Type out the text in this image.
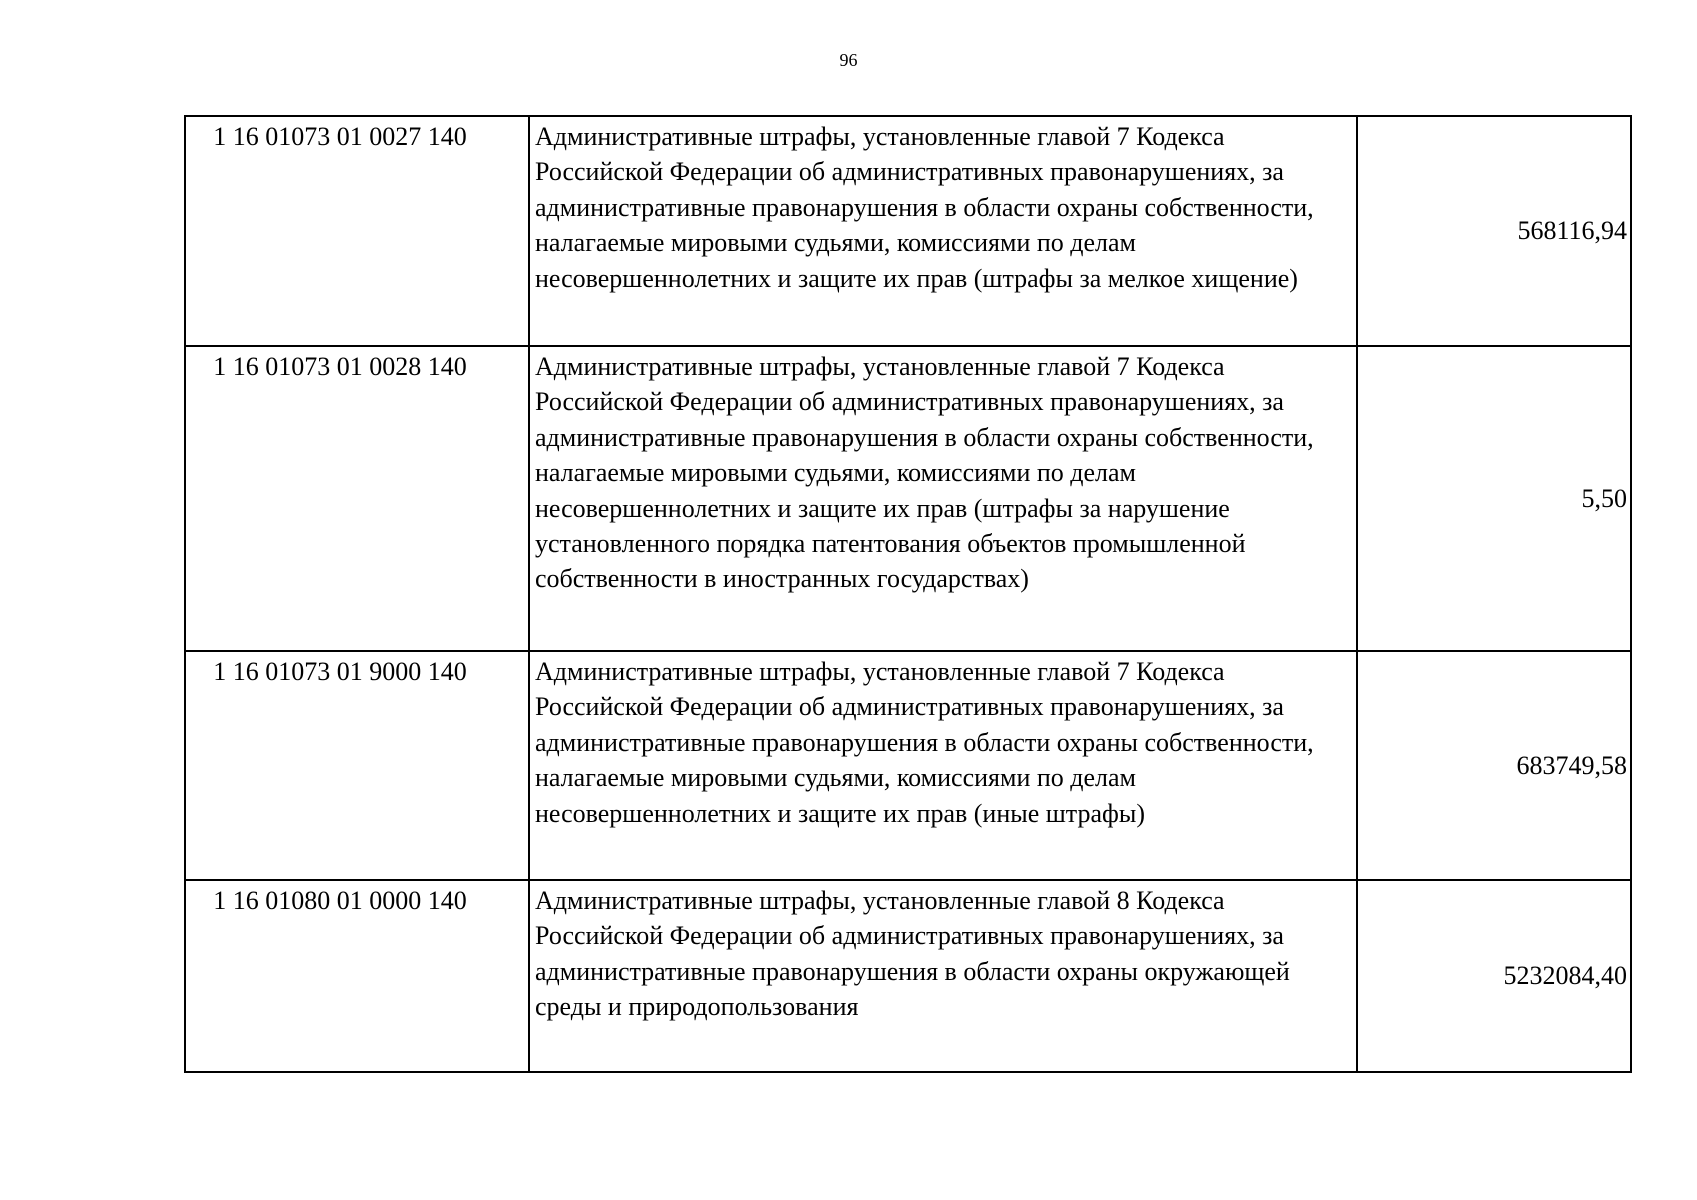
96
1 16 01073 01 0027 140	Административные штрафы, установленные главой 7 Кодекса Российской Федерации об административных правонарушениях, за административные правонарушения в области охраны собственности, налагаемые мировыми судьями, комиссиями по делам несовершеннолетних и защите их прав (штрафы за мелкое хищение)	568116,94
1 16 01073 01 0028 140	Административные штрафы, установленные главой 7 Кодекса Российской Федерации об административных правонарушениях, за административные правонарушения в области охраны собственности, налагаемые мировыми судьями, комиссиями по делам несовершеннолетних и защите их прав (штрафы за нарушение установленного порядка патентования объектов промышленной собственности в иностранных государствах)	5,50
1 16 01073 01 9000 140	Административные штрафы, установленные главой 7 Кодекса Российской Федерации об административных правонарушениях, за административные правонарушения в области охраны собственности, налагаемые мировыми судьями, комиссиями по делам несовершеннолетних и защите их прав (иные штрафы)	683749,58
1 16 01080 01 0000 140	Административные штрафы, установленные главой 8 Кодекса Российской Федерации об административных правонарушениях, за административные правонарушения в области охраны окружающей среды и природопользования	5232084,40
